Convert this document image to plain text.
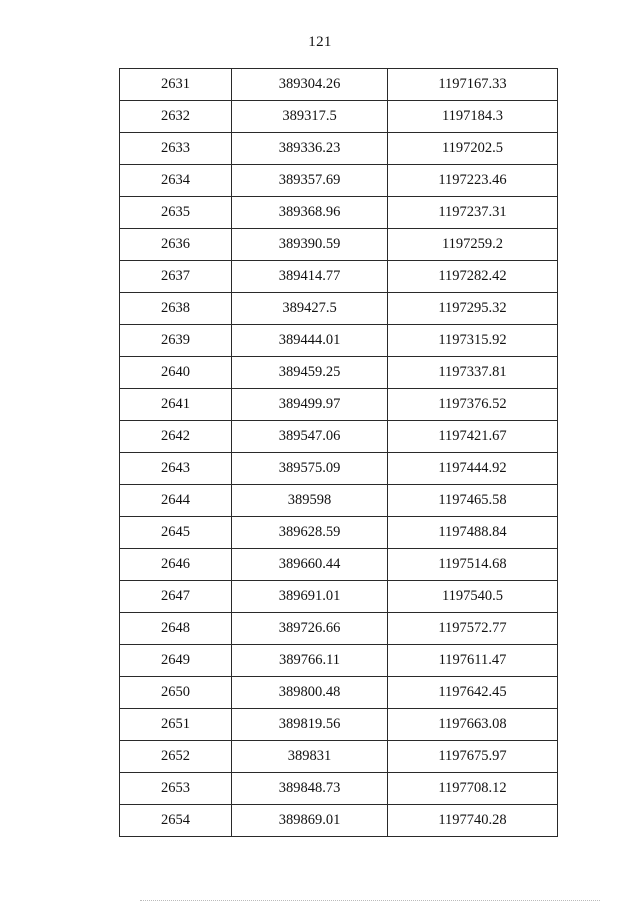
121
2631	389304.26	1197167.33
2632	389317.5	1197184.3
2633	389336.23	1197202.5
2634	389357.69	1197223.46
2635	389368.96	1197237.31
2636	389390.59	1197259.2
2637	389414.77	1197282.42
2638	389427.5	1197295.32
2639	389444.01	1197315.92
2640	389459.25	1197337.81
2641	389499.97	1197376.52
2642	389547.06	1197421.67
2643	389575.09	1197444.92
2644	389598	1197465.58
2645	389628.59	1197488.84
2646	389660.44	1197514.68
2647	389691.01	1197540.5
2648	389726.66	1197572.77
2649	389766.11	1197611.47
2650	389800.48	1197642.45
2651	389819.56	1197663.08
2652	389831	1197675.97
2653	389848.73	1197708.12
2654	389869.01	1197740.28
